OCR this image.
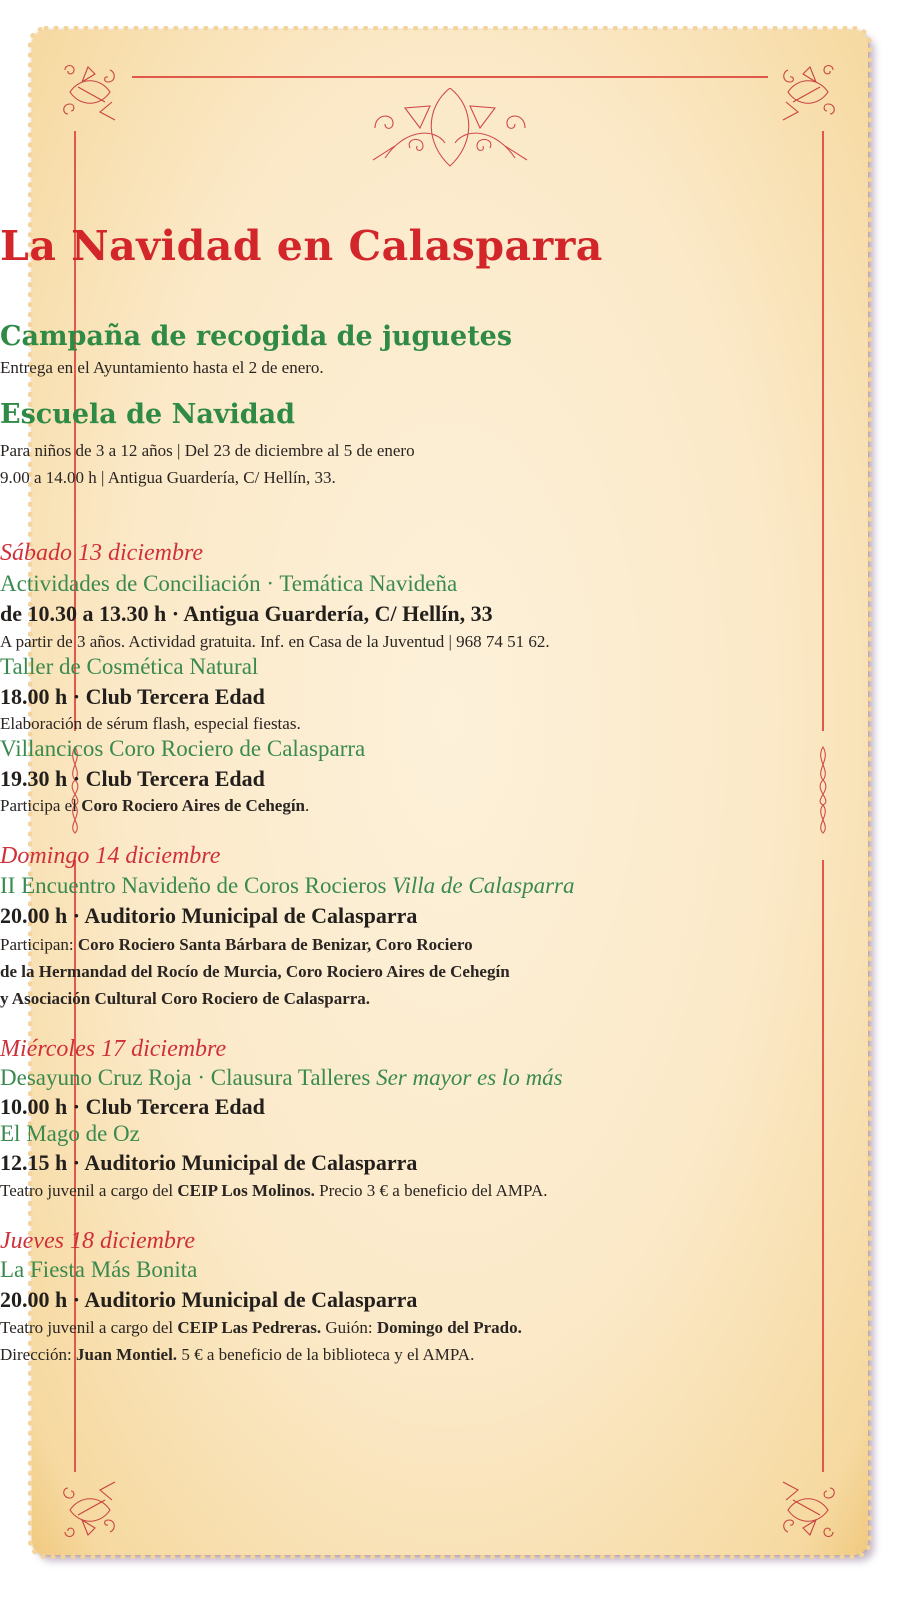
La Navidad en Calasparra
Campaña de recogida de juguetes
Entrega en el Ayuntamiento hasta el 2 de enero.
Escuela de Navidad
Para niños de 3 a 12 años | Del 23 de diciembre al 5 de enero
9.00 a 14.00 h | Antigua Guardería, C/ Hellín, 33.
Sábado 13 diciembre
Actividades de Conciliación · Temática Navideña
de 10.30 a 13.30 h · Antigua Guardería, C/ Hellín, 33
A partir de 3 años. Actividad gratuita. Inf. en Casa de la Juventud | 968 74 51 62.
Taller de Cosmética Natural
18.00 h · Club Tercera Edad
Elaboración de sérum flash, especial fiestas.
Villancicos Coro Rociero de Calasparra
19.30 h · Club Tercera Edad
Participa el Coro Rociero Aires de Cehegín.
Domingo 14 diciembre
II Encuentro Navideño de Coros Rocieros Villa de Calasparra
20.00 h · Auditorio Municipal de Calasparra
Participan: Coro Rociero Santa Bárbara de Benizar, Coro Rociero
de la Hermandad del Rocío de Murcia, Coro Rociero Aires de Cehegín
y Asociación Cultural Coro Rociero de Calasparra.
Miércoles 17 diciembre
Desayuno Cruz Roja · Clausura Talleres Ser mayor es lo más
10.00 h · Club Tercera Edad
El Mago de Oz
12.15 h · Auditorio Municipal de Calasparra
Teatro juvenil a cargo del CEIP Los Molinos. Precio 3 € a beneficio del AMPA.
Jueves 18 diciembre
La Fiesta Más Bonita
20.00 h · Auditorio Municipal de Calasparra
Teatro juvenil a cargo del CEIP Las Pedreras. Guión: Domingo del Prado.
Dirección: Juan Montiel. 5 € a beneficio de la biblioteca y el AMPA.
